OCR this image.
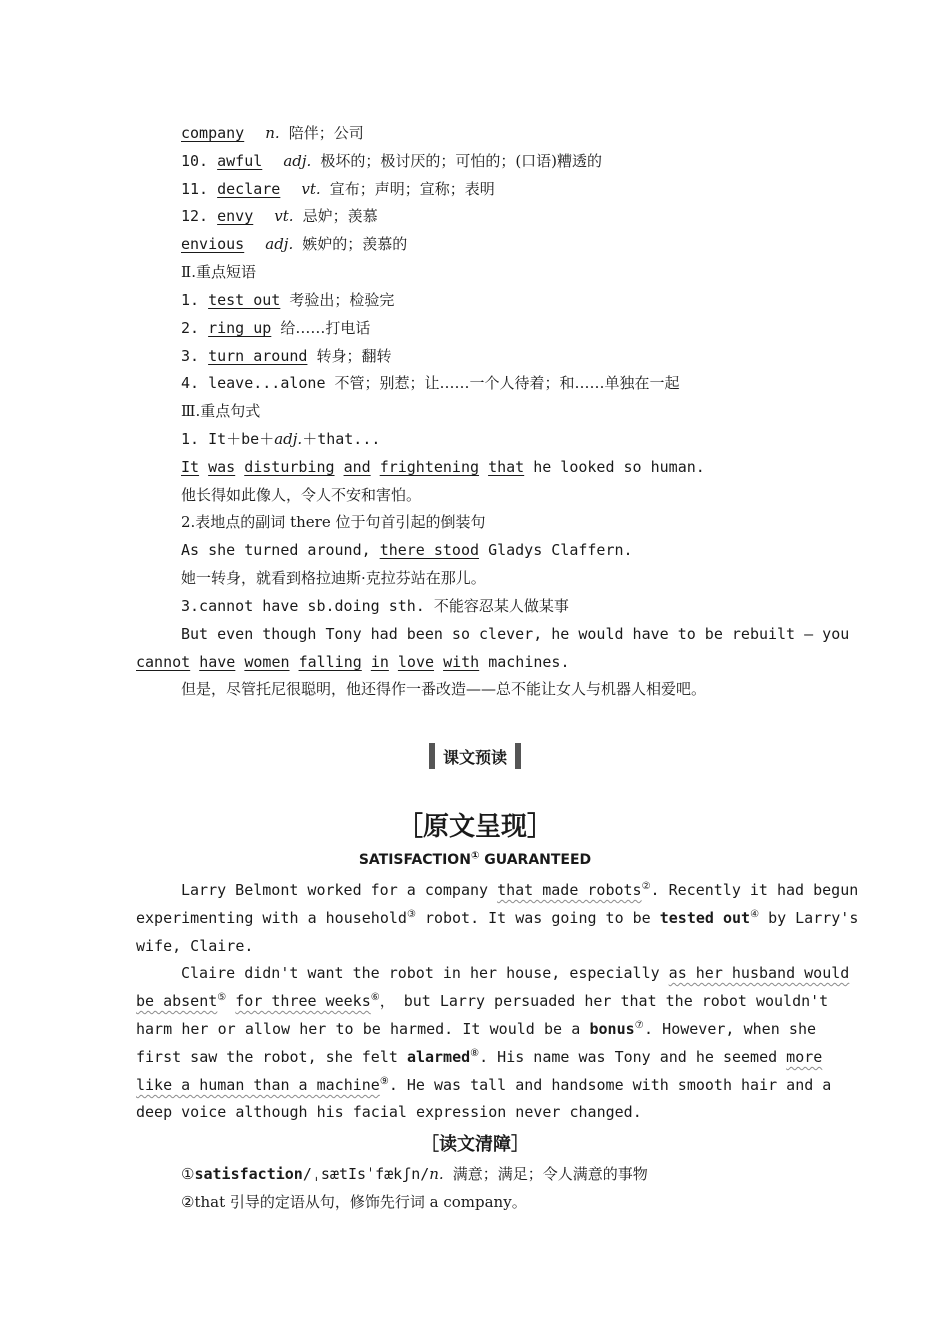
company n. 陪伴；公司
10. awful adj. 极坏的；极讨厌的；可怕的；(口语)糟透的
11. declare vt. 宣布；声明；宣称；表明
12. envy vt. 忌妒；羡慕
envious adj. 嫉妒的；羡慕的
Ⅱ.重点短语
1. test out 考验出；检验完
2. ring up 给……打电话
3. turn around 转身；翻转
4. leave...alone 不管；别惹；让……一个人待着；和……单独在一起
Ⅲ.重点句式
1. It＋be＋adj.＋that...
It was disturbing and frightening that he looked so human.
他长得如此像人，令人不安和害怕。
2.表地点的副词 there 位于句首引起的倒装句
As she turned around, there stood Gladys Claffern.
她一转身，就看到格拉迪斯·克拉芬站在那儿。
3.cannot have sb.doing sth. 不能容忍某人做某事
But even though Tony had been so clever, he would have to be rebuilt — you
cannot have women falling in love with machines.
但是，尽管托尼很聪明，他还得作一番改造——总不能让女人与机器人相爱吧。
课文预读
［原文呈现］
SATISFACTION① GUARANTEED
Larry Belmont worked for a company that made robots②. Recently it had begun
experimenting with a household③ robot. It was going to be tested out④ by Larry's
wife, Claire.
Claire didn't want the robot in her house, especially as her husband would
be absent⑤ for three weeks⑥， but Larry persuaded her that the robot wouldn't
harm her or allow her to be harmed. It would be a bonus⑦. However, when she
first saw the robot, she felt alarmed⑧. His name was Tony and he seemed more
like a human than a machine⑨. He was tall and handsome with smooth hair and a
deep voice although his facial expression never changed.
［读文清障］
①satisfaction/ˌsætIsˈfækʃn/n. 满意；满足；令人满意的事物
②that 引导的定语从句，修饰先行词 a company。
